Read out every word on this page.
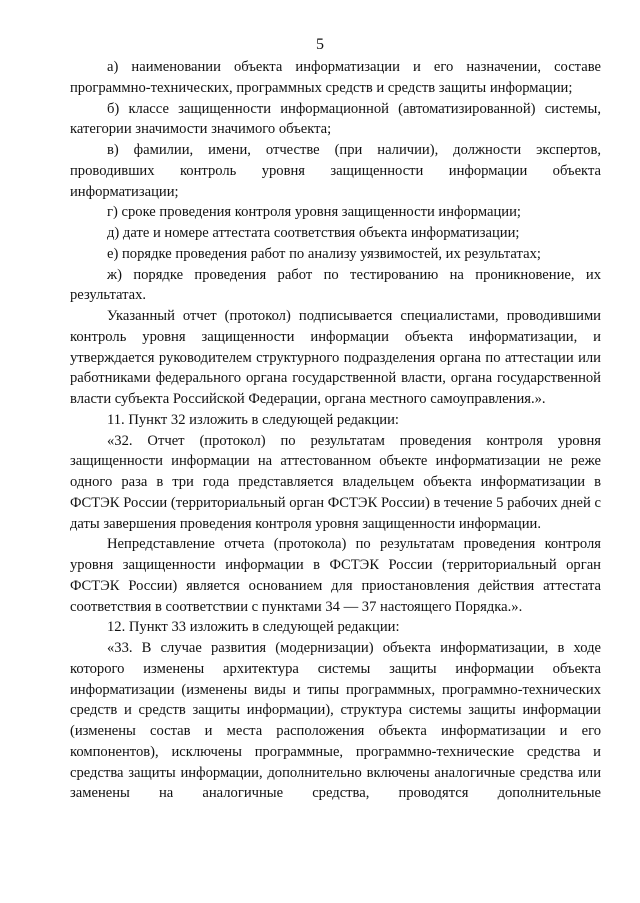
5

а) наименовании объекта информатизации и его назначении, составе программно-технических, программных средств и средств защиты информации;

б) классе защищенности информационной (автоматизированной) системы, категории значимости значимого объекта;

в) фамилии, имени, отчестве (при наличии), должности экспертов, проводивших контроль уровня защищенности информации объекта информатизации;

г) сроке проведения контроля уровня защищенности информации;

д) дате и номере аттестата соответствия объекта информатизации;

е) порядке проведения работ по анализу уязвимостей, их результатах;

ж) порядке проведения работ по тестированию на проникновение, их результатах.

Указанный отчет (протокол) подписывается специалистами, проводившими контроль уровня защищенности информации объекта информатизации, и утверждается руководителем структурного подразделения органа по аттестации или работниками федерального органа государственной власти, органа государственной власти субъекта Российской Федерации, органа местного самоуправления.».

11. Пункт 32 изложить в следующей редакции:

«32. Отчет (протокол) по результатам проведения контроля уровня защищенности информации на аттестованном объекте информатизации не реже одного раза в три года представляется владельцем объекта информатизации в ФСТЭК России (территориальный орган ФСТЭК России) в течение 5 рабочих дней с даты завершения проведения контроля уровня защищенности информации.

Непредставление отчета (протокола) по результатам проведения контроля уровня защищенности информации в ФСТЭК России (территориальный орган ФСТЭК России) является основанием для приостановления действия аттестата соответствия в соответствии с пунктами 34 — 37 настоящего Порядка.».

12. Пункт 33 изложить в следующей редакции:

«33. В случае развития (модернизации) объекта информатизации, в ходе которого изменены архитектура системы защиты информации объекта информатизации (изменены виды и типы программных, программно-технических средств и средств защиты информации), структура системы защиты информации (изменены состав и места расположения объекта информатизации и его компонентов), исключены программные, программно-технические средства и средства защиты информации, дополнительно включены аналогичные средства или заменены на аналогичные средства, проводятся дополнительные
